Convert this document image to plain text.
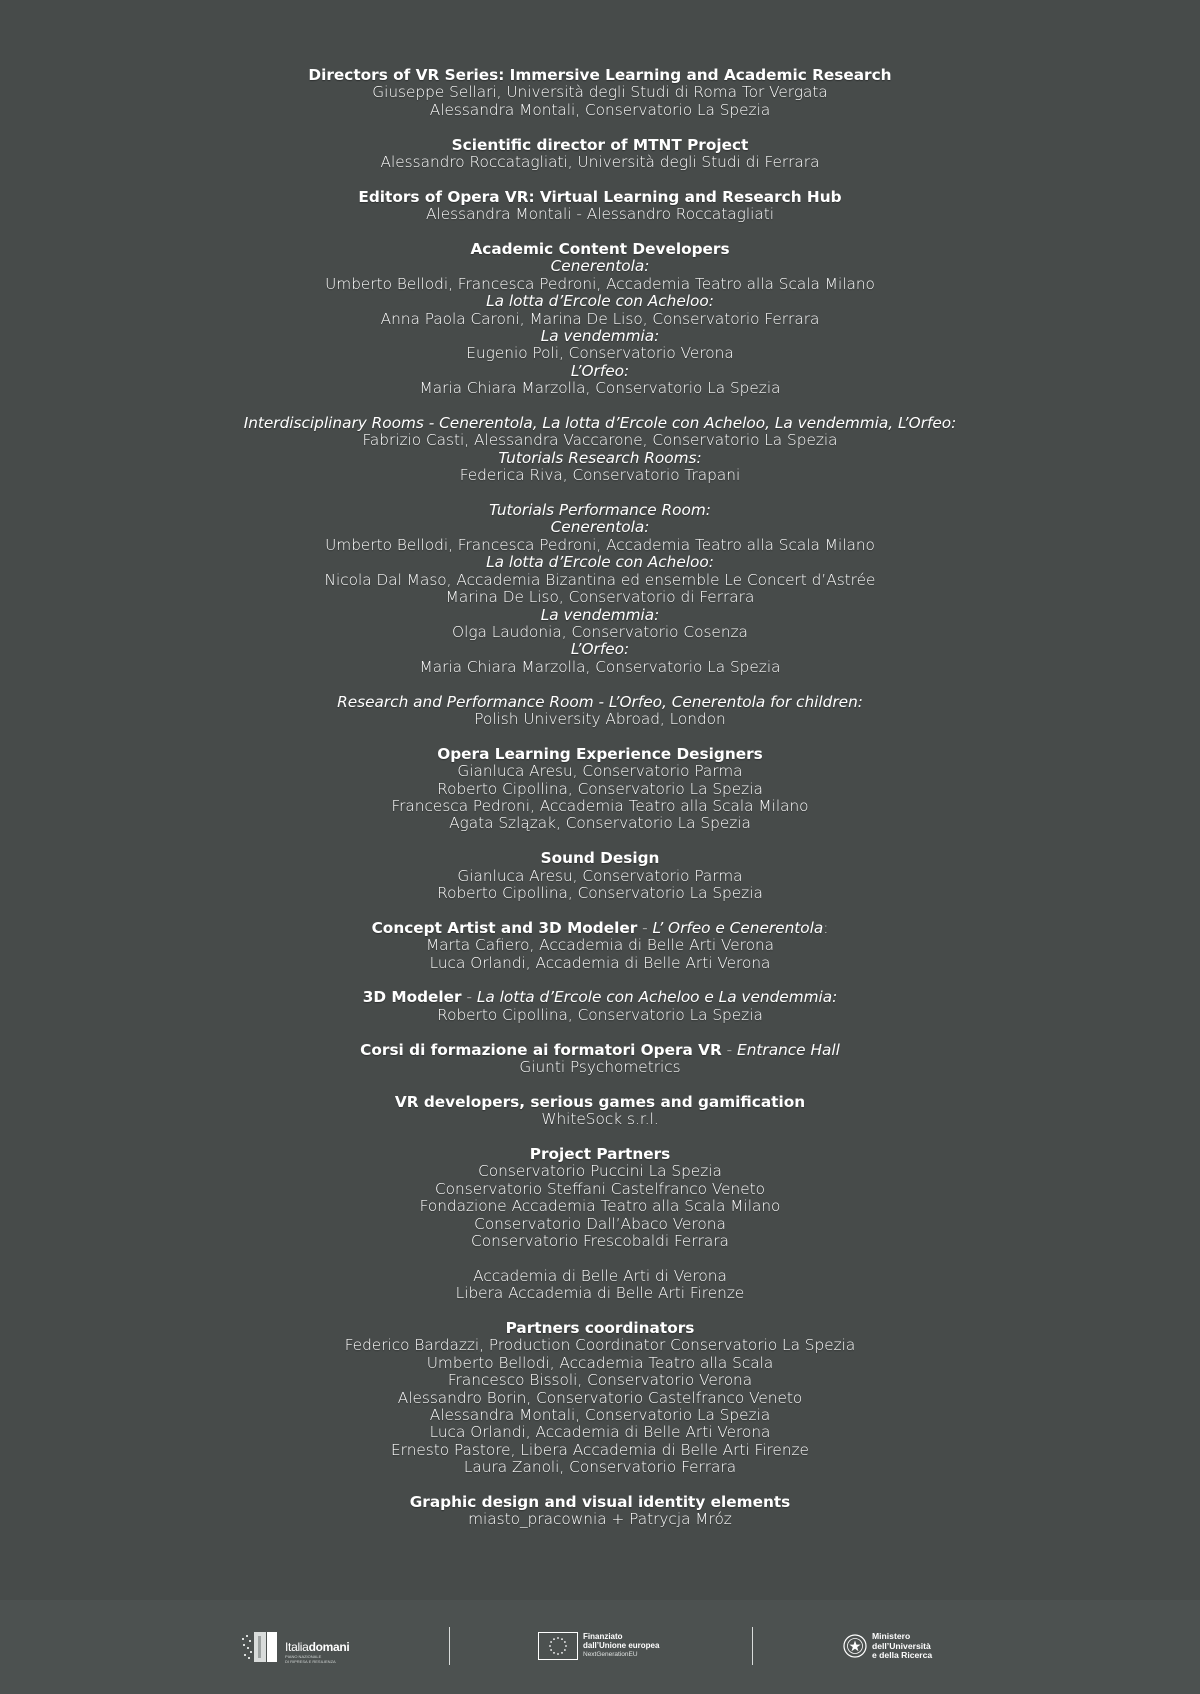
Directors of VR Series: Immersive Learning and Academic Research
Giuseppe Sellari, Università degli Studi di Roma Tor Vergata
Alessandra Montali, Conservatorio La Spezia
Scientific director of MTNT Project
Alessandro Roccatagliati, Università degli Studi di Ferrara
Editors of Opera VR: Virtual Learning and Research Hub
Alessandra Montali - Alessandro Roccatagliati
Academic Content Developers
Cenerentola:
Umberto Bellodi, Francesca Pedroni, Accademia Teatro alla Scala Milano
La lotta d’Ercole con Acheloo:
Anna Paola Caroni, Marina De Liso, Conservatorio Ferrara
La vendemmia:
Eugenio Poli, Conservatorio Verona
L’Orfeo:
Maria Chiara Marzolla, Conservatorio La Spezia
Interdisciplinary Rooms - Cenerentola, La lotta d’Ercole con Acheloo, La vendemmia, L’Orfeo:
Fabrizio Casti, Alessandra Vaccarone, Conservatorio La Spezia
Tutorials Research Rooms:
Federica Riva, Conservatorio Trapani
Tutorials Performance Room:
Cenerentola:
Umberto Bellodi, Francesca Pedroni, Accademia Teatro alla Scala Milano
La lotta d’Ercole con Acheloo:
Nicola Dal Maso, Accademia Bizantina ed ensemble Le Concert d’Astrée
Marina De Liso, Conservatorio di Ferrara
La vendemmia:
Olga Laudonia, Conservatorio Cosenza
L’Orfeo:
Maria Chiara Marzolla, Conservatorio La Spezia
Research and Performance Room - L’Orfeo, Cenerentola for children:
Polish University Abroad, London
Opera Learning Experience Designers
Gianluca Aresu, Conservatorio Parma
Roberto Cipollina, Conservatorio La Spezia
Francesca Pedroni, Accademia Teatro alla Scala Milano
Agata Szlązak, Conservatorio La Spezia
Sound Design
Gianluca Aresu, Conservatorio Parma
Roberto Cipollina, Conservatorio La Spezia
Concept Artist and 3D Modeler - L’ Orfeo e Cenerentola:
Marta Cafiero, Accademia di Belle Arti Verona
Luca Orlandi, Accademia di Belle Arti Verona
3D Modeler - La lotta d’Ercole con Acheloo e La vendemmia:
Roberto Cipollina, Conservatorio La Spezia
Corsi di formazione ai formatori Opera VR - Entrance Hall
Giunti Psychometrics
VR developers, serious games and gamification
WhiteSock s.r.l.
Project Partners
Conservatorio Puccini La Spezia
Conservatorio Steffani Castelfranco Veneto
Fondazione Accademia Teatro alla Scala Milano
Conservatorio Dall’Abaco Verona
Conservatorio Frescobaldi Ferrara
Accademia di Belle Arti di Verona
Libera Accademia di Belle Arti Firenze
Partners coordinators
Federico Bardazzi, Production Coordinator Conservatorio La Spezia
Umberto Bellodi, Accademia Teatro alla Scala
Francesco Bissoli, Conservatorio Verona
Alessandro Borin, Conservatorio Castelfranco Veneto
Alessandra Montali, Conservatorio La Spezia
Luca Orlandi, Accademia di Belle Arti Verona
Ernesto Pastore, Libera Accademia di Belle Arti Firenze
Laura Zanoli, Conservatorio Ferrara
Graphic design and visual identity elements
miasto_pracownia + Patrycja Mróz
Italiadomani
PIANO NAZIONALE
DI RIPRESA E RESILIENZA
Finanziato
dall’Unione europea
NextGenerationEU
Ministero
dell’Università
e della Ricerca
